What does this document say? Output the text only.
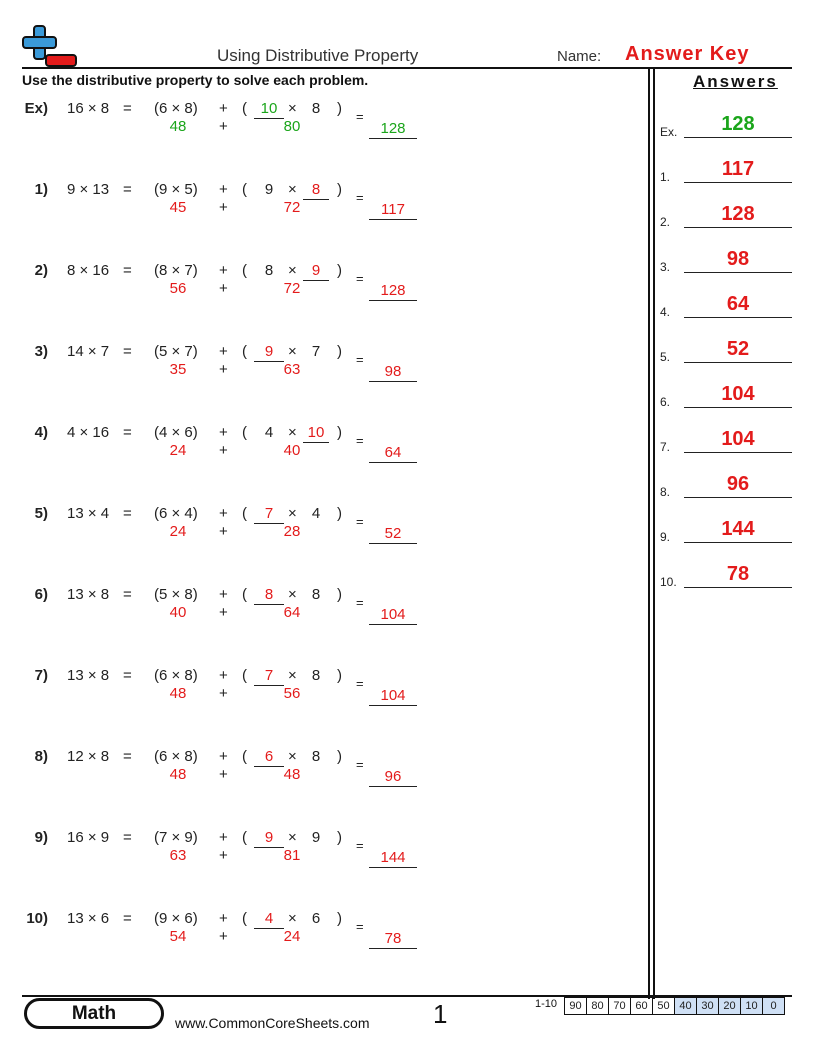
Using Distributive Property	Name: Answer Key
Use the distributive property to solve each problem.	Answers
Ex) 16 × 8 = (6 × 8) + ( 10 ×	8	) =
48	+	80	128
1) 9 × 13 = (9 × 5) + (	9 ×	8	) =
45	+	72	117
2) 8 × 16 = (8 × 7) + (	8 ×	9	) =
56	+	72	128
3) 14 × 7 = (5 × 7) + (	9 ×	7	) =
35	+	63	98
4) 4 × 16 = (4 × 6) + (	4 × 10 ) =
24	+	40	64
5) 13 × 4 = (6 × 4) + (	7 ×	4	) =
24	+	28	52
6) 13 × 8 = (5 × 8) + (	8 ×	8	) =
40	+	64	104
7) 13 × 8 = (6 × 8) + (	7 ×	8	) =
48	+	56	104
8) 12 × 8 = (6 × 8) + (	6 ×	8	) =
48	+	48	96
9) 16 × 9 = (7 × 9) + (	9 ×	9	) =
63	+	81	144
10) 13 × 6 = (9 × 6) + (	4 ×	6	) =
54	+	24	78
Ex.	128
1.	117
2.	128
3.	98
4.	64
5.	52
6.	104
7.	104
8.	96
9.	144
10.	78
Math	www.CommonCoreSheets.com 1	1-10	90 80 70 60 50 40 30 20 10	0
